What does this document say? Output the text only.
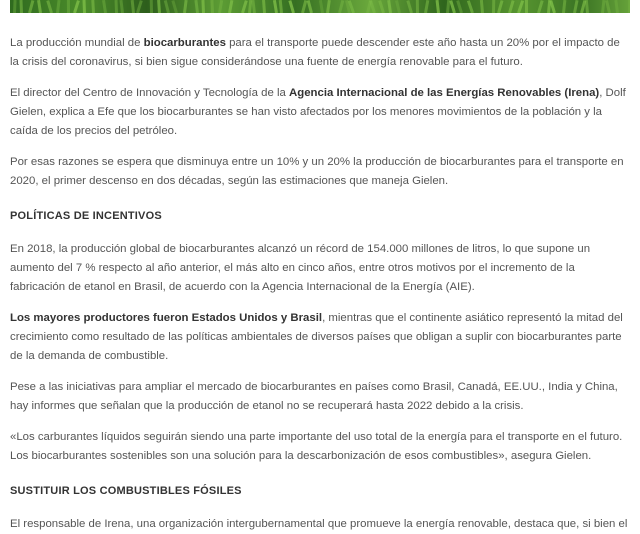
La producción mundial de biocarburantes para el transporte puede descender este año hasta un 20% por el impacto de la crisis del coronavirus, si bien sigue considerándose una fuente de energía renovable para el futuro.

El director del Centro de Innovación y Tecnología de la Agencia Internacional de las Energías Renovables (Irena), Dolf Gielen, explica a Efe que los biocarburantes se han visto afectados por los menores movimientos de la población y la caída de los precios del petróleo.

Por esas razones se espera que disminuya entre un 10% y un 20% la producción de biocarburantes para el transporte en 2020, el primer descenso en dos décadas, según las estimaciones que maneja Gielen.

POLÍTICAS DE INCENTIVOS

En 2018, la producción global de biocarburantes alcanzó un récord de 154.000 millones de litros, lo que supone un aumento del 7 % respecto al año anterior, el más alto en cinco años, entre otros motivos por el incremento de la fabricación de etanol en Brasil, de acuerdo con la Agencia Internacional de la Energía (AIE).

Los mayores productores fueron Estados Unidos y Brasil, mientras que el continente asiático representó la mitad del crecimiento como resultado de las políticas ambientales de diversos países que obligan a suplir con biocarburantes parte de la demanda de combustible.

Pese a las iniciativas para ampliar el mercado de biocarburantes en países como Brasil, Canadá, EE.UU., India y China, hay informes que señalan que la producción de etanol no se recuperará hasta 2022 debido a la crisis.

«Los carburantes líquidos seguirán siendo una parte importante del uso total de la energía para el transporte en el futuro. Los biocarburantes sostenibles son una solución para la descarbonización de esos combustibles», asegura Gielen.

SUSTITUIR LOS COMBUSTIBLES FÓSILES

El responsable de Irena, una organización intergubernamental que promueve la energía renovable, destaca que, si bien el
